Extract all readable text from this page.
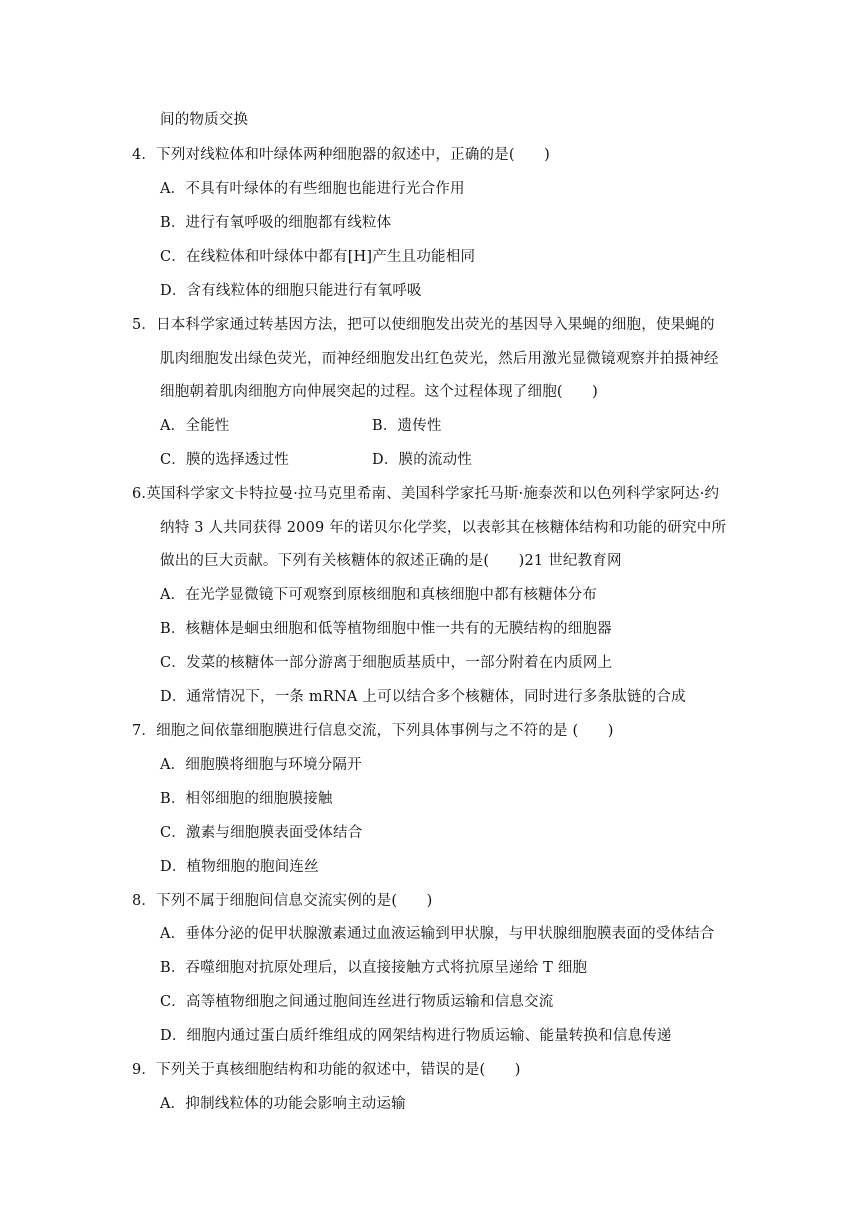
间的物质交换
4．下列对线粒体和叶绿体两种细胞器的叙述中，正确的是(　　)
A．不具有叶绿体的有些细胞也能进行光合作用
B．进行有氧呼吸的细胞都有线粒体
C．在线粒体和叶绿体中都有[H]产生且功能相同
D．含有线粒体的细胞只能进行有氧呼吸
5．日本科学家通过转基因方法，把可以使细胞发出荧光的基因导入果蝇的细胞，使果蝇的
肌肉细胞发出绿色荧光，而神经细胞发出红色荧光，然后用激光显微镜观察并拍摄神经
细胞朝着肌肉细胞方向伸展突起的过程。这个过程体现了细胞(　　)
A．全能性	B．遗传性
C．膜的选择透过性	D．膜的流动性
6.英国科学家文卡特拉曼·拉马克里希南、美国科学家托马斯·施泰茨和以色列科学家阿达·约
纳特 3 人共同获得 2009 年的诺贝尔化学奖，以表彰其在核糖体结构和功能的研究中所
做出的巨大贡献。下列有关核糖体的叙述正确的是(　　)21 世纪教育网
A．在光学显微镜下可观察到原核细胞和真核细胞中都有核糖体分布
B．核糖体是蛔虫细胞和低等植物细胞中惟一共有的无膜结构的细胞器
C．发菜的核糖体一部分游离于细胞质基质中，一部分附着在内质网上
D．通常情况下，一条 mRNA 上可以结合多个核糖体，同时进行多条肽链的合成
7．细胞之间依靠细胞膜进行信息交流，下列具体事例与之不符的是 (　　)
A．细胞膜将细胞与环境分隔开
B．相邻细胞的细胞膜接触
C．激素与细胞膜表面受体结合
D．植物细胞的胞间连丝
8．下列不属于细胞间信息交流实例的是(　　)
A．垂体分泌的促甲状腺激素通过血液运输到甲状腺，与甲状腺细胞膜表面的受体结合
B．吞噬细胞对抗原处理后，以直接接触方式将抗原呈递给 T 细胞
C．高等植物细胞之间通过胞间连丝进行物质运输和信息交流
D．细胞内通过蛋白质纤维组成的网架结构进行物质运输、能量转换和信息传递
9．下列关于真核细胞结构和功能的叙述中，错误的是(　　)
A．抑制线粒体的功能会影响主动运输
